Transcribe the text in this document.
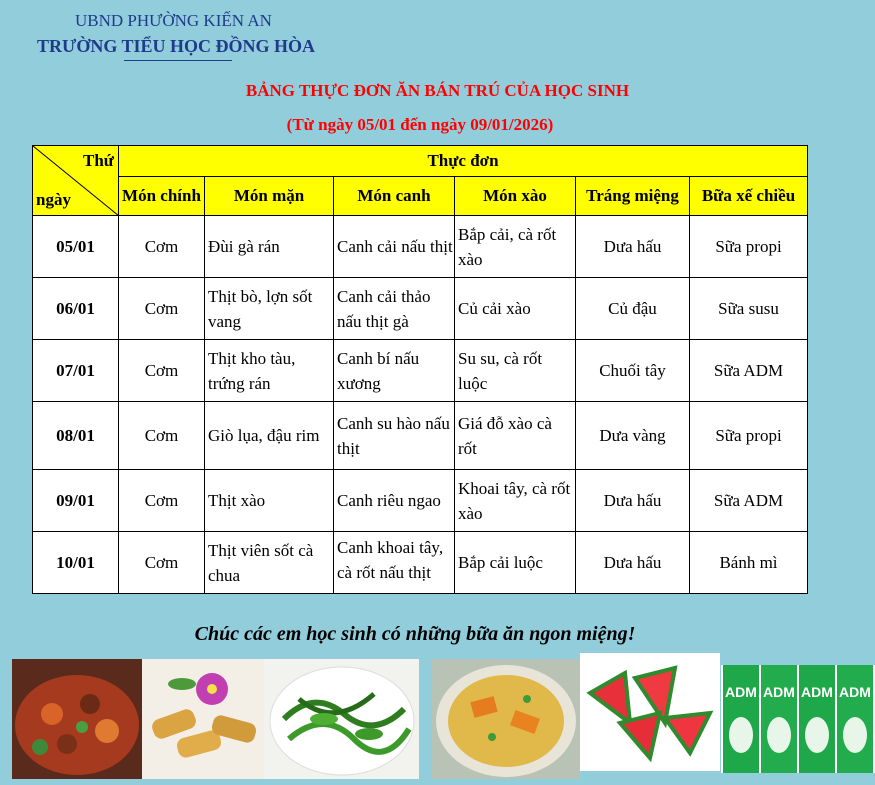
UBND PHƯỜNG KIẾN AN
TRƯỜNG TIỂU HỌC ĐỒNG HÒA
BẢNG THỰC ĐƠN ĂN BÁN TRÚ CỦA HỌC SINH
(Từ ngày 05/01 đến ngày 09/01/2026)
Thứ
ngày	Thực đơn					
	Món chính	Món mặn	Món canh	Món xào	Tráng miệng	Bữa xế chiều
05/01	Cơm	Đùi gà rán	Canh cải nấu thịt	Bắp cải, cà rốt xào	Dưa hấu	Sữa propi
06/01	Cơm	Thịt bò, lợn sốt vang	Canh cải thảo nấu thịt gà	Củ cải xào	Củ đậu	Sữa susu
07/01	Cơm	Thịt kho tàu, trứng rán	Canh bí nấu xương	Su su, cà rốt luộc	Chuối tây	Sữa ADM
08/01	Cơm	Giò lụa, đậu rim	Canh su hào nấu thịt	Giá đỗ xào cà rốt	Dưa vàng	Sữa propi
09/01	Cơm	Thịt xào	Canh riêu ngao	Khoai tây, cà rốt xào	Dưa hấu	Sữa ADM
10/01	Cơm	Thịt viên sốt cà chua	Canh khoai tây, cà rốt nấu thịt	Bắp cải luộc	Dưa hấu	Bánh mì
Chúc các em học sinh có những bữa ăn ngon miệng!
ADM ADM ADM ADM
